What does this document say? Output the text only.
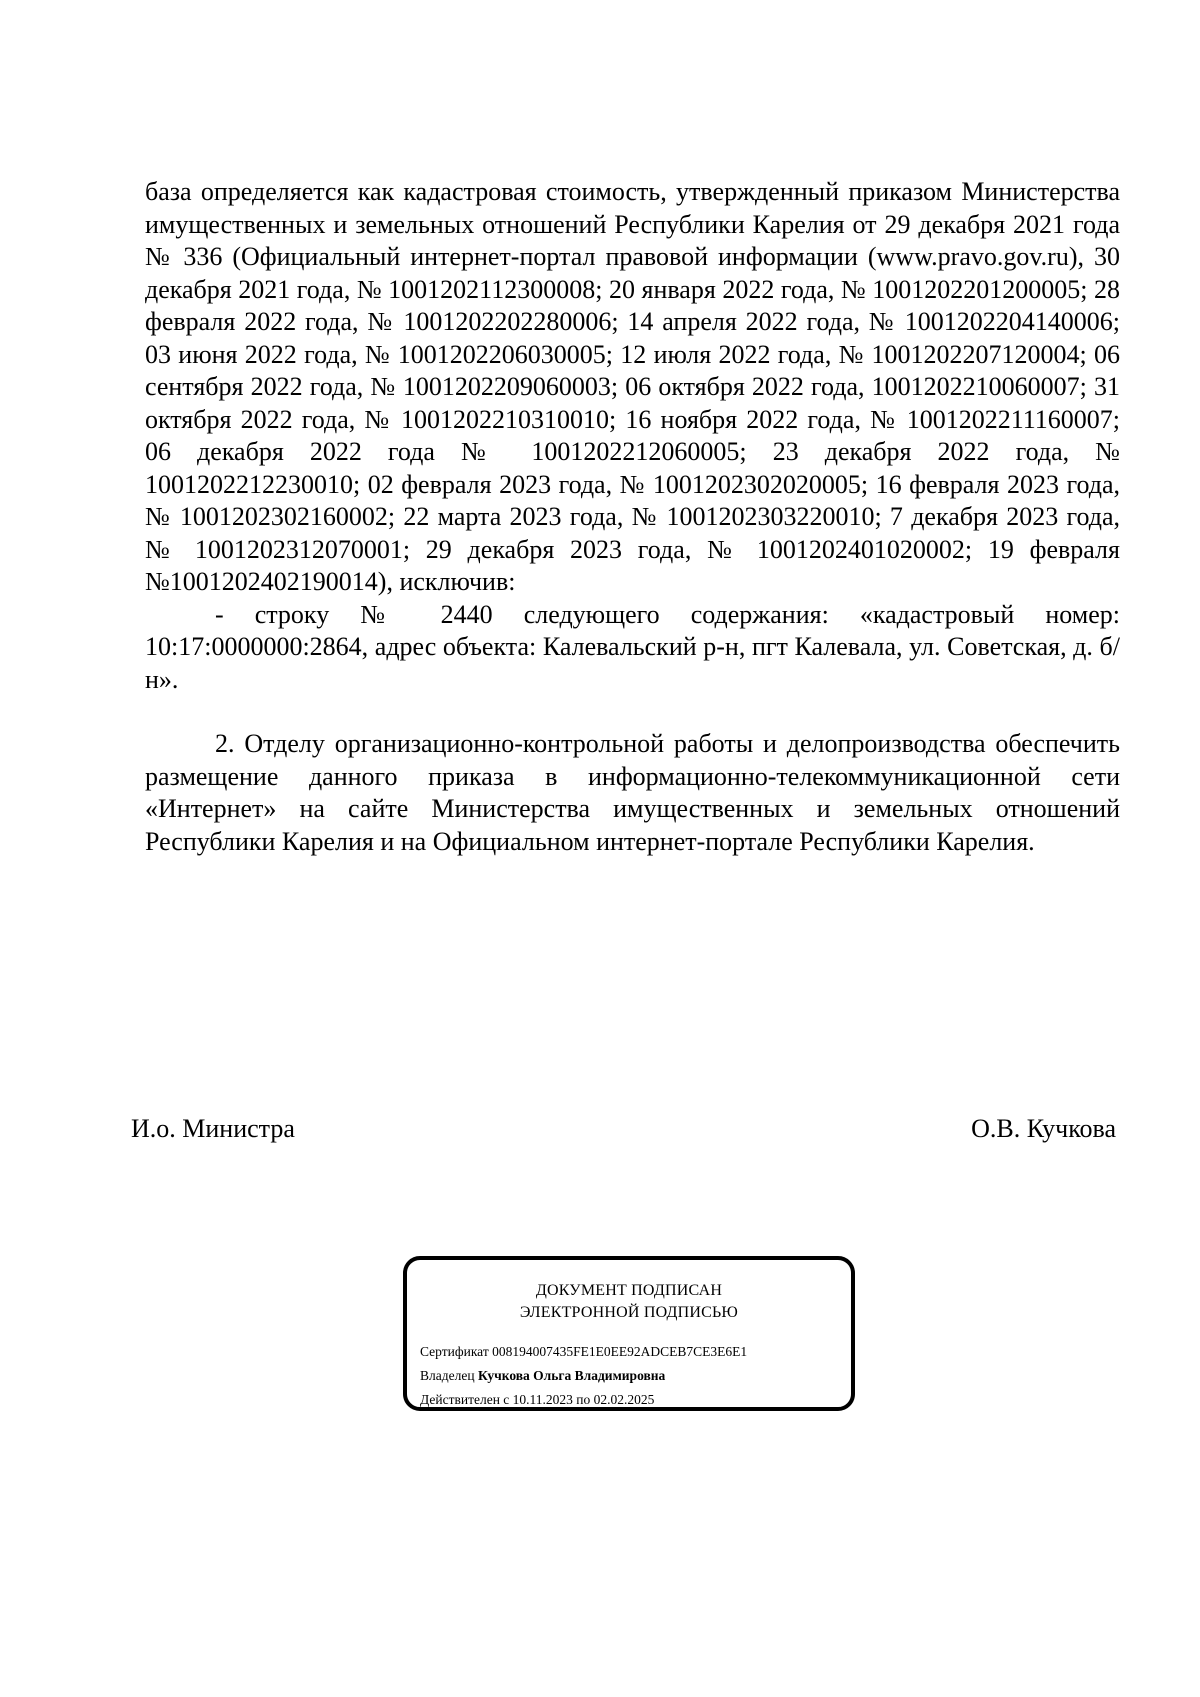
база определяется как кадастровая стоимость, утвержденный приказом Министерства имущественных и земельных отношений Республики Карелия от 29 декабря 2021 года № 336 (Официальный интернет-портал правовой информации (www.pravo.gov.ru), 30 декабря 2021 года, № 1001202112300008; 20 января 2022 года, № 1001202201200005; 28 февраля 2022 года, № 1001202202280006; 14 апреля 2022 года, № 1001202204140006; 03 июня 2022 года, № 1001202206030005; 12 июля 2022 года, № 1001202207120004; 06 сентября 2022 года, № 1001202209060003; 06 октября 2022 года, 1001202210060007; 31 октября 2022 года, № 1001202210310010; 16 ноября 2022 года, № 1001202211160007; 06 декабря 2022 года № 1001202212060005; 23 декабря 2022 года, № 1001202212230010; 02 февраля 2023 года, № 1001202302020005; 16 февраля 2023 года, № 1001202302160002; 22 марта 2023 года, № 1001202303220010; 7 декабря 2023 года, № 1001202312070001; 29 декабря 2023 года, № 1001202401020002; 19 февраля №1001202402190014), исключив:

- строку № 2440 следующего содержания: «кадастровый номер: 10:17:0000000:2864, адрес объекта: Калевальский р-н, пгт Калевала, ул. Советская, д. б/н».

2. Отделу организационно-контрольной работы и делопроизводства обеспечить размещение данного приказа в информационно-телекоммуникационной сети «Интернет» на сайте Министерства имущественных и земельных отношений Республики Карелия и на Официальном интернет-портале Республики Карелия.

И.о. Министра	О.В. Кучкова
ДОКУМЕНТ ПОДПИСАН
ЭЛЕКТРОННОЙ ПОДПИСЬЮ
Сертификат 008194007435FE1E0EE92ADCEB7CE3E6E1
Владелец Кучкова Ольга Владимировна
Действителен с 10.11.2023 по 02.02.2025
